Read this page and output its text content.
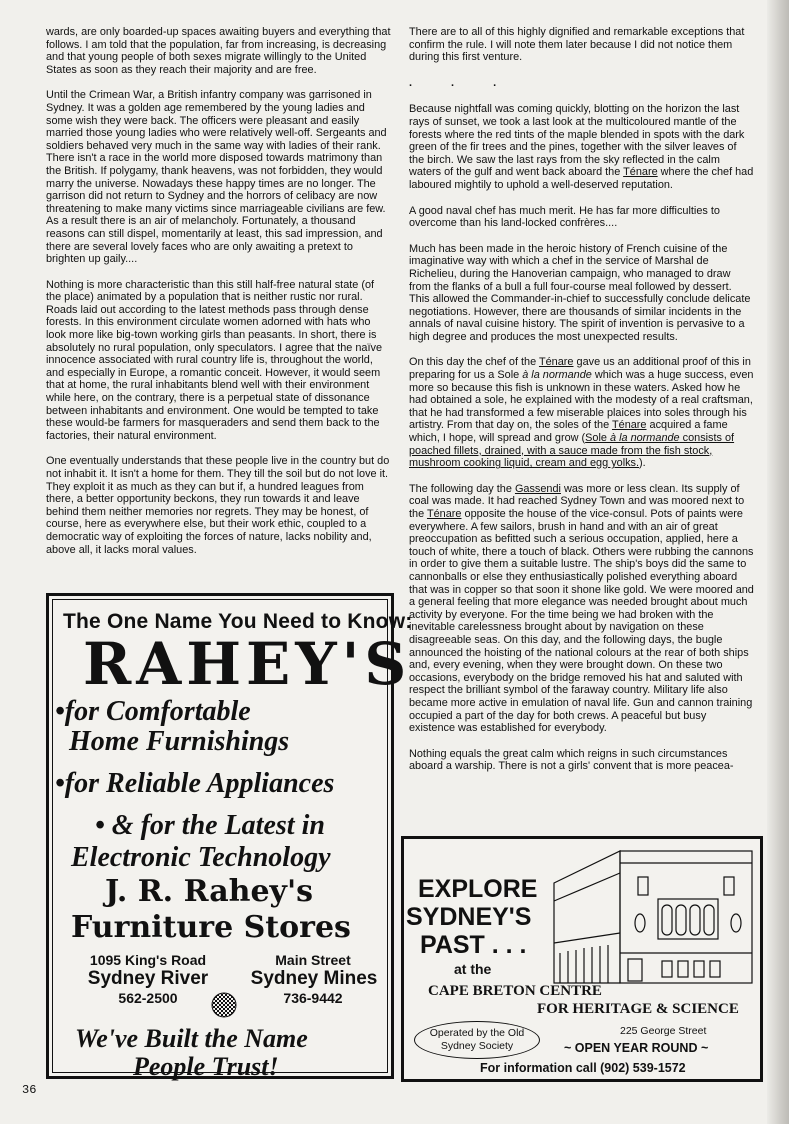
wards, are only boarded-up spaces awaiting buyers and everything that follows. I am told that the population, far from increasing, is decreasing and that young people of both sexes migrate willingly to the United States as soon as they reach their majority and are free.

Until the Crimean War, a British infantry company was garrisoned in Sydney. It was a golden age remembered by the young ladies and some wish they were back. The officers were pleasant and easily married those young ladies who were relatively well-off. Sergeants and soldiers behaved very much in the same way with ladies of their rank. There isn't a race in the world more disposed towards matrimony than the British. If polygamy, thank heavens, was not forbidden, they would marry the universe. Nowadays these happy times are no longer. The garrison did not return to Sydney and the horrors of celibacy are now threatening to make many victims since marriageable civilians are few. As a result there is an air of melancholy. Fortunately, a thousand reasons can still dispel, momentarily at least, this sad impression, and there are several lovely faces who are only awaiting a pretext to brighten up gaily....

Nothing is more characteristic than this still half-free natural state (of the place) animated by a population that is neither rustic nor rural. Roads laid out according to the latest methods pass through dense forests. In this environment circulate women adorned with hats who look more like big-town working girls than peasants. In short, there is absolutely no rural population, only speculators. I agree that the naïve innocence associated with rural country life is, throughout the world, and especially in Europe, a romantic conceit. However, it would seem that at home, the rural inhabitants blend well with their environment while here, on the contrary, there is a perpetual state of dissonance between inhabitants and environment. One would be tempted to take these would-be farmers for masqueraders and send them back to the factories, their natural environment.

One eventually understands that these people live in the country but do not inhabit it. It isn't a home for them. They till the soil but do not love it. They exploit it as much as they can but if, a hundred leagues from there, a better opportunity beckons, they run towards it and leave behind them neither memories nor regrets. They may be honest, of course, here as everywhere else, but their work ethic, coupled to a democratic way of exploiting the forces of nature, lacks nobility and, above all, it lacks moral values.

There are to all of this highly dignified and remarkable exceptions that confirm the rule. I will note them later because I did not notice them during this first venture.

. . .

Because nightfall was coming quickly, blotting on the horizon the last rays of sunset, we took a last look at the multicoloured mantle of the forests where the red tints of the maple blended in spots with the dark green of the fir trees and the pines, together with the silver leaves of the birch. We saw the last rays from the sky reflected in the calm waters of the gulf and went back aboard the Ténare where the chef had laboured mightily to uphold a well-deserved reputation.

A good naval chef has much merit. He has far more difficulties to overcome than his land-locked confrères....

Much has been made in the heroic history of French cuisine of the imaginative way with which a chef in the service of Marshal de Richelieu, during the Hanoverian campaign, who managed to draw from the flanks of a bull a full four-course meal followed by dessert. This allowed the Commander-in-chief to successfully conclude delicate negotiations. However, there are thousands of similar incidents in the annals of naval cuisine history. The spirit of invention is pervasive to a high degree and produces the most unexpected results.

On this day the chef of the Ténare gave us an additional proof of this in preparing for us a Sole à la normande which was a huge success, even more so because this fish is unknown in these waters. Asked how he had obtained a sole, he explained with the modesty of a real craftsman, that he had transformed a few miserable plaices into soles through his artistry. From that day on, the soles of the Ténare acquired a fame which, I hope, will spread and grow (Sole à la normande consists of poached fillets, drained, with a sauce made from the fish stock, mushroom cooking liquid, cream and egg yolks.).

The following day the Gassendi was more or less clean. Its supply of coal was made. It had reached Sydney Town and was moored next to the Ténare opposite the house of the vice-consul. Pots of paints were everywhere. A few sailors, brush in hand and with an air of great preoccupation as befitted such a serious occupation, applied, here a touch of white, there a touch of black. Others were rubbing the cannons in order to give them a suitable lustre. The ship's boys did the same to cannonballs or else they enthusiastically polished everything aboard that was in copper so that soon it shone like gold. We were moored and a general feeling that more elegance was needed brought about much activity by everyone. For the time being we had broken with the inevitable carelessness brought about by navigation on these disagreeable seas. On this day, and the following days, the bugle announced the hoisting of the national colours at the rear of both ships and, every evening, when they were brought down. On these two occasions, everybody on the bridge removed his hat and saluted with respect the brilliant symbol of the faraway country. Military life also became more active in emulation of naval life. Gun and cannon training occupied a part of the day for both crews. A peaceful but busy existence was established for everybody.

Nothing equals the great calm which reigns in such circumstances aboard a warship. There is not a girls' convent that is more peacea-

The One Name You Need to Know:
RAHEY'S
•for Comfortable
Home Furnishings
•for Reliable Appliances
• & for the Latest in
Electronic Technology
J. R. Rahey's
Furniture Stores
1095 King's Road
Sydney River
562-2500
Main Street
Sydney Mines
736-9442
We've Built the Name
People Trust!
EXPLORE
SYDNEY'S
PAST . . .
at the
CAPE BRETON CENTRE
FOR HERITAGE & SCIENCE
Operated by the Old Sydney Society
225 George Street
~ OPEN YEAR ROUND ~
For information call (902) 539-1572
36
